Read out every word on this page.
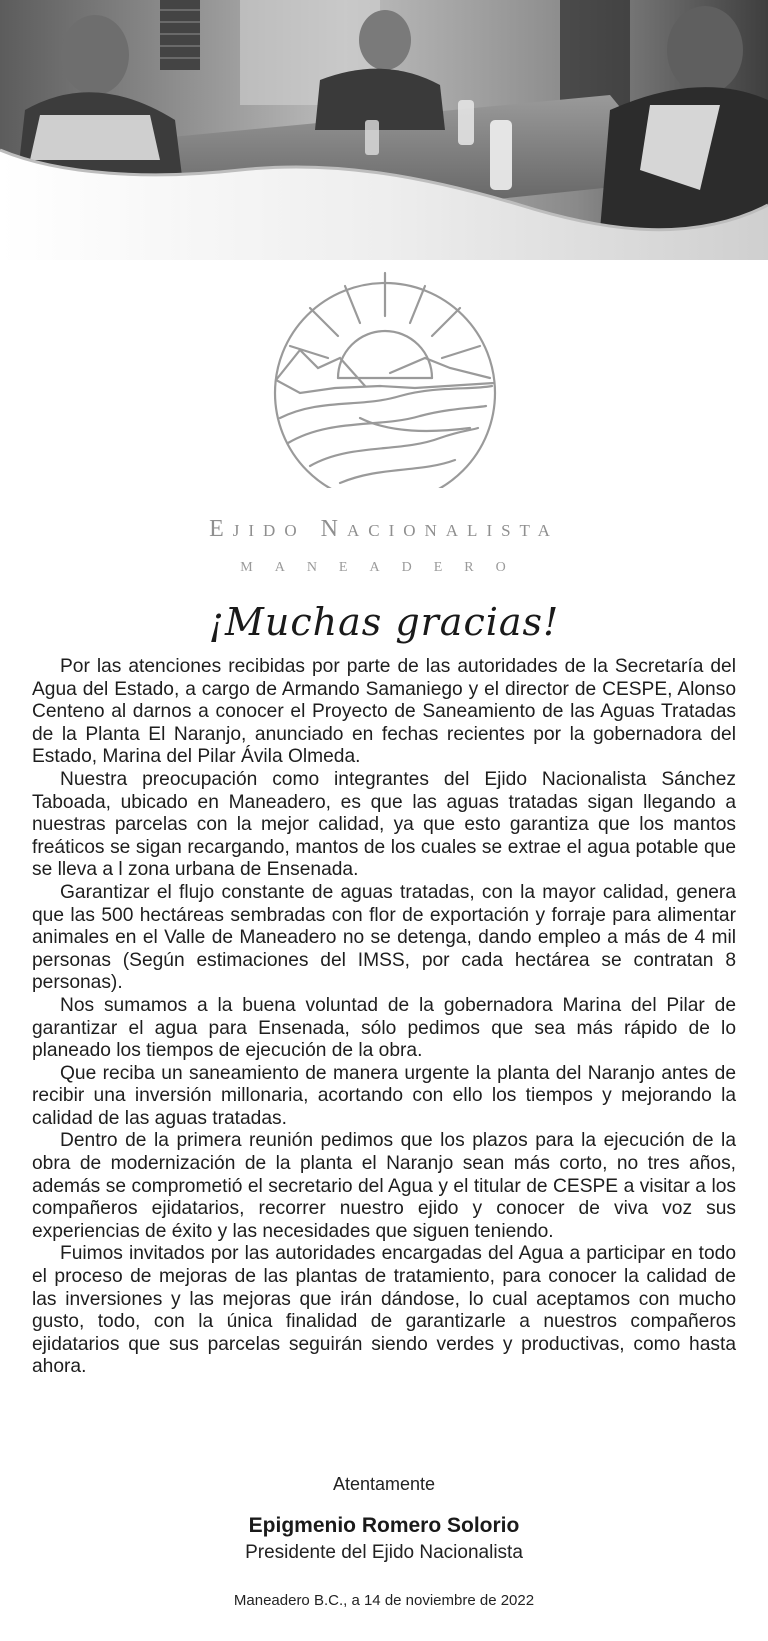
Ejido Nacionalista
MANEADERO
¡Muchas gracias!

Por las atenciones recibidas por parte de las autoridades de la Secretaría del Agua del Estado, a cargo de Armando Samaniego y el director de CESPE, Alonso Centeno al darnos a conocer el Proyecto de Saneamiento de las Aguas Tratadas de la Planta El Naranjo, anunciado en fechas recientes por la gobernadora del Estado, Marina del Pilar Ávila Olmeda.

Nuestra preocupación como integrantes del Ejido Nacionalista Sánchez Taboada, ubicado en Maneadero, es que las aguas tratadas sigan llegando a nuestras parcelas con la mejor calidad, ya que esto garantiza que los mantos freáticos se sigan recargando, mantos de los cuales se extrae el agua potable que se lleva a l zona urbana de Ensenada.

Garantizar el flujo constante de aguas tratadas, con la mayor calidad, genera que las 500 hectáreas sembradas con flor de exportación y forraje para alimentar animales en el Valle de Maneadero no se detenga, dando empleo a más de 4 mil personas (Según estimaciones del IMSS, por cada hectárea se contratan 8 personas).

Nos sumamos a la buena voluntad de la gobernadora Marina del Pilar de garantizar el agua para Ensenada, sólo pedimos que sea más rápido de lo planeado los tiempos de ejecución de la obra.

Que reciba un saneamiento de manera urgente la planta del Naranjo antes de recibir una inversión millonaria, acortando con ello los tiempos y mejorando la calidad de las aguas tratadas.

Dentro de la primera reunión pedimos que los plazos para la ejecución de la obra de modernización de la planta el Naranjo sean más corto, no tres años, además se comprometió el secretario del Agua y el titular de CESPE a visitar a los compañeros ejidatarios, recorrer nuestro ejido y conocer de viva voz sus experiencias de éxito y las necesidades que siguen teniendo.

Fuimos invitados por las autoridades encargadas del Agua a participar en todo el proceso de mejoras de las plantas de tratamiento, para conocer la calidad de las inversiones y las mejoras que irán dándose, lo cual aceptamos con mucho gusto, todo, con la única finalidad de garantizarle a nuestros compañeros ejidatarios que sus parcelas seguirán siendo verdes y productivas, como hasta ahora.

Atentamente
Epigmenio Romero Solorio
Presidente del Ejido Nacionalista
Maneadero B.C., a 14 de noviembre de 2022
